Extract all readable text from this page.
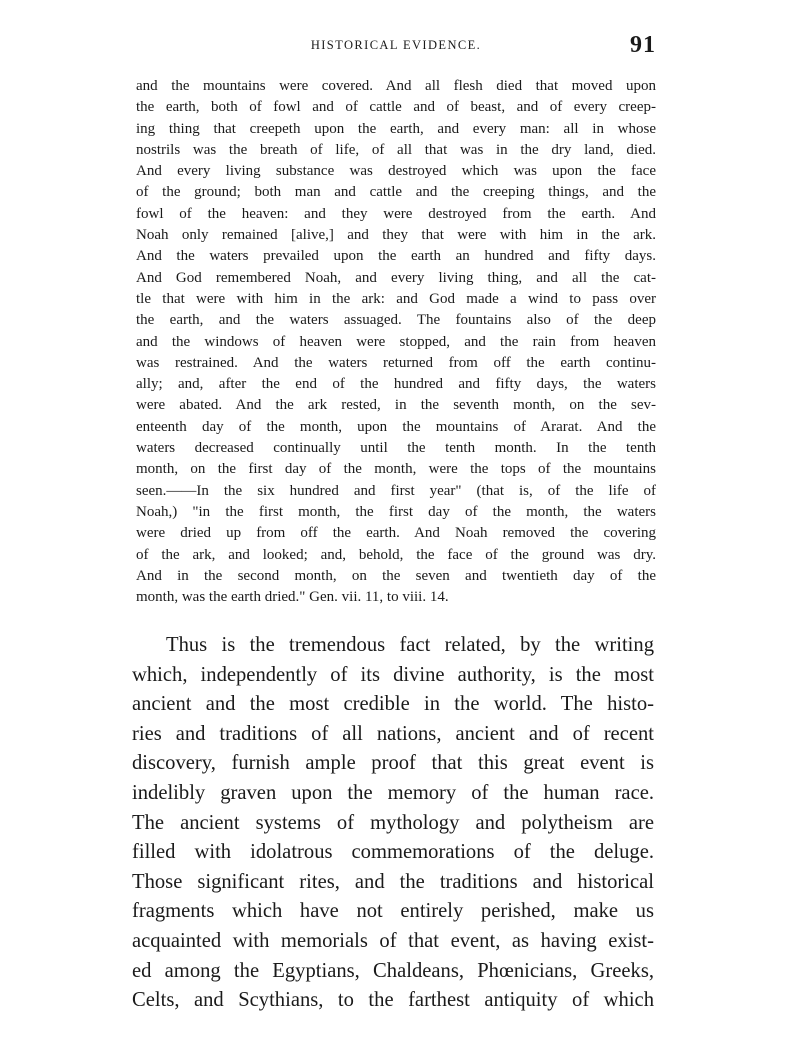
HISTORICAL EVIDENCE.	91
and the mountains were covered. And all flesh died that moved upon
the earth, both of fowl and of cattle and of beast, and of every creep-
ing thing that creepeth upon the earth, and every man: all in whose
nostrils was the breath of life, of all that was in the dry land, died.
And every living substance was destroyed which was upon the face
of the ground; both man and cattle and the creeping things, and the
fowl of the heaven: and they were destroyed from the earth. And
Noah only remained [alive,] and they that were with him in the ark.
And the waters prevailed upon the earth an hundred and fifty days.
And God remembered Noah, and every living thing, and all the cat-
tle that were with him in the ark: and God made a wind to pass over
the earth, and the waters assuaged. The fountains also of the deep
and the windows of heaven were stopped, and the rain from heaven
was restrained. And the waters returned from off the earth continu-
ally; and, after the end of the hundred and fifty days, the waters
were abated. And the ark rested, in the seventh month, on the sev-
enteenth day of the month, upon the mountains of Ararat. And the
waters decreased continually until the tenth month. In the tenth
month, on the first day of the month, were the tops of the mountains
seen.——In the six hundred and first year" (that is, of the life of
Noah,) "in the first month, the first day of the month, the waters
were dried up from off the earth. And Noah removed the covering
of the ark, and looked; and, behold, the face of the ground was dry.
And in the second month, on the seven and twentieth day of the
month, was the earth dried." Gen. vii. 11, to viii. 14.
Thus is the tremendous fact related, by the writing
which, independently of its divine authority, is the most
ancient and the most credible in the world. The histo-
ries and traditions of all nations, ancient and of recent
discovery, furnish ample proof that this great event is
indelibly graven upon the memory of the human race.
The ancient systems of mythology and polytheism are
filled with idolatrous commemorations of the deluge.
Those significant rites, and the traditions and historical
fragments which have not entirely perished, make us
acquainted with memorials of that event, as having exist-
ed among the Egyptians, Chaldeans, Phœnicians, Greeks,
Celts, and Scythians, to the farthest antiquity of which
